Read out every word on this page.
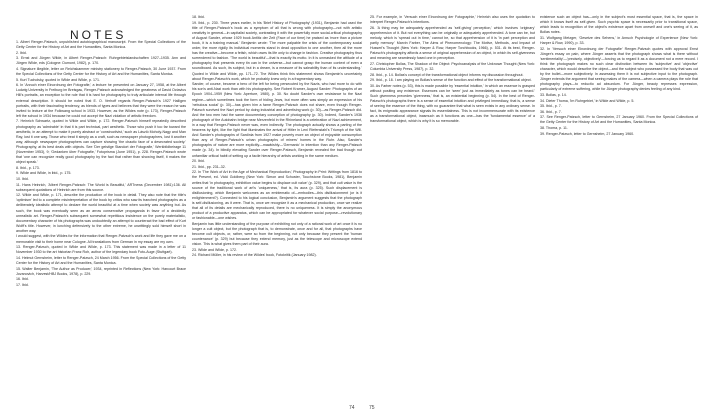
NOTES

1. Albert Renger-Patzsch, unpublished autobiographical manuscript. From the Special Collections of the Getty Center for the History of Art and the Humanities, Santa Monica.

2. Ibid.

3. Ernst and Jürgen Wilde, in Albert Renger-Patzsch: Ruhrgebietslandschaften 1927–1935. Ann and Jürgen Wilde, eds (Cologne: Dumont, 1982), p. 170.

4. Signature illegible, letter on Reichskammer ministry stationery to Renger-Patzsch, 30 June 1937. From the Special Collections of the Getty Center for the History of Art and the Humanities, Santa Monica.

5. Kurt Tucholsky, quoted in Wilde and Wilde, p. 171.

6. In 'Anruch einer Einordnung der Fotografie,' a lecture he presented on January 27, 1958, at the Albert Ludwig University in Freiburg im Breisgau, Renger-Patzsch acknowledged the greatness of David Octavius Hill's portraits, an exception to the rule that it is hard for photography to truly articulate internal life through external description. It should be noted that E. O. Verhoff regards Renger-Patzsch's 1927 Halligen portraits, with their fascinating tendency, as blends of types and believes that they were the reason he was invited to lecture at the Folkwang school in 1933. However, as the Wildes note (p. 173), Renger-Patzsch left the school in 1934 because he could not accept the Nazi violation of artistic freedom.

7. Heinrich Schwartz, quoted in Wilde and Wilde, p. 172. Renger-Patzsch himself repeatedly described photography as 'admirable' in that it is part technical, part aesthetic. Those who push it too far toward the aesthetic, in an attempt to make it purely abstract or 'constructivist,' such as László Moholy-Nagy and Man Ray, lost it one way. Those who treat it simply as a craft, such as newspaper photographers, lost it another way, although newspaper photographers can capture showing 'the chaotic face of a desecrated society.' Photography, at its best deals with objects. See 'Der geistige Standort der Fotografie,' Werkbildbeirage 11 (November 1953), 9; 'Gedanken über Fotografie,' Fotoprisma (June 1951), p. 228. Renger-Patzsch wrote that 'one can recognize really good photography by the fact that rather than showing itself, it makes the object speak.'

8. Ibid., p. 173.

9. Wilde and Wilde, in ibid., p. 175.

10. Ibid.

11. Hans Heinrich, 'Albert Renger-Patzsch: The World is Beautiful,' ARTnews (December 1981):136. All subsequent quotations of Heinrich are from this source.

12. Wilde and Wilde, p. 171, describe the production of the book in detail. They also note that the title's 'optimism' led to a complete misinterpretation of the book by critics who saw its tranched photographs as a deliberately idealistic attempt to declare the world beautiful at a time when society was anything but. As such, the book was eventually seen as an arrow conservative propaganda in favor of a decidedly unrealistic art. Renger-Patzsch's subsequent somewhat repetitious insistence on the purely materialistic, documentary character of his photographs was undoubtedly an attempt to counteract the bad effect of Kurt Wolff's title. However, in lunching defensively to the other extreme, he unwittingly sold himself short in another way.

I would suggest, with the Wildes for the information that Renger-Patzsch's work and life they gave me on a memorable visit to their home near Cologne. All translations from German in my essay are my own.

13. Renger-Patzsch, quoted in Wilde and Wilde, p. 173. This statement was made in a letter of 11 November 1930 to the art historian Franz Roh, author of the legendary book Foto-Auge (Stuttgart).

14. Helmut Gernsheim, letter to Renger-Patzsch, 24 March 1956. From the Special Collections of the Getty Center for the History of Art and the Humanities, Santa Monica.

15. Walter Benjamin, 'The Author as Producer,' 1934, reprinted in Reflections (New York: Harcourt Brace Jovanovich, Harvest/HBJ Books, 1978), p. 229.

16. Ibid.

17. Ibid.

18. Ibid.

19. Ibid., p. 230. Three years earlier, in his 'Brief History of Photography' (1931), Benjamin had used the title of Renger-Patzsch's book as a symptom of all that is wrong with photography—not with artistic creativity in general—in capitalist society, contrasting it with the powerfully more social-critical photography of August Sander, whose 1929 book Antlitz der Zeit (Face of our time) he praised as 'more than a picture book, it is a training manual.' Benjamin wrote: 'The more palpable the crisis of the contemporary social order, the more rigidly its individual moments stand in dead opposition to one another, then all the more has the creative—become a fetish, which owes its life only to change in fashion. Creative photography thus surrendered to fashion. 'The world is beautiful'—that is exactly its motto. In it is unmasked the attitude of a photography that presents every tin can in the universe—but cannot grasp the human context of even a soundboard. As such, its subject, but in a dream, is a measure of its saleability than of its understanding.' Quoted in Wilde and Wilde, pp. 171–72. The Wildes think this statement shows Benjamin's uncertainty about Renger-Patzsch's work, which he probably knew only in a fragmentary way.

Sander, of course, became a hero of the left for being persecuted by the Nazis, who had more to do with his son's anti-Nazi work than with his photography. See Robert Kramer, August Sander: Photographs of an Epoch 1904–1959 (New York: Aperture, 1980), p. 30. No doubt Sander's own resistance to the Nazi regime—which sometimes took the form of hiding Jews, but more often was simply an expression of his 'nebulous social' (p. 30)—has given him a fame Renger-Patzsch does not share, even though Renger-Patzsch survived the Nazi period by doing industrial and advertising work (p. 30)—as Renger-Patzsch did. And the two men had the same documentary conception of photography (p. 30). Indeed, Sander's 1936 photograph of the Autobahn bridge near Merzenfeld in the Rhineland is a celebration of Nazi achievement, in a way that Renger-Patzsch never was, even indirectly. The photograph actually shows a parting of the heavens by light, like the light that illuminates the arrival of Hitler in Leni Riefenstahl's Triumph of the Will. And Sander's photographs of Sardinia from 1927 make poverty more an object of enjoyable consumption than any of Renger-Patzsch's urban photographs of miners' homes in the Ruhr. Also, Sander's photographs of nature are more explicitly—mawkishly—'Germanic' in intention than any Renger-Patzsch made (p. 34). In blindly elevating Sander over Renger-Patzsch, Benjamin revealed the bad though not unfamiliar critical habit of setting up a facile hierarchy of artists working in the same medium.

20. Ibid.

21. Ibid., pp. 231–32.

22. In 'The Work of Art in the Age of Mechanical Reproduction,' Photography in Print: Writings from 1816 to the Present, ed. Vicki Goldberg (New York: Simon and Schuster, Touchstone Books, 1981), Benjamin writes that 'in photography, exhibition value begins to displace cult value' (p. 329), and that cult value is the source of the traditional work of art's 'uniqueness,' that is, its aura (p. 325). Such displacement is disillusioning, which Benjamin welcomes as an emblematic of—embodies—this disillusionment (or is it enlightenment?). Connected to his logical conclusion, Benjamin's argument suggests that the photograph is self-disillusioning, as it were. That is, once we recognize it as a mechanical production, once we realize that all of its details are mechanically reproduced, there is no uniqueness. It is simply the anonymous product of a productive apparatus, which can be appropriated for whatever social purpose—revolutionary or fashionable—one wishes.

Benjamin has little understanding of the purpose of exhibiting not only of a rational work of art once it is no longer a cult object, but the photograph that is, to demonstrate, once and for all, that photographs have become cult objects, or, rather, were so from the beginning, not only because they present the 'human countenance' (p. 329) but because they extend memory, just as the telescope and microscope extend vision. This is what gives them part of their aura.

23. Wilde and Wilde, p. 172.

24. Richard Müller, in his review of the Wildes' book, Fotokritik (January 1982).

25. For example, in 'Versuch einer Einordnung der Fotographie,' Heinrich also uses the quotation to interpret Renger-Patzsch's intentions.

26. 'A thing may be adequately apprehended as 'self-giving' perception,' which involves 'originary' apprehension of it. But not everything can be originally or adequately apprehended. A tone can be, but melody, which is 'spread out in time,' cannot be, so that apprehension of it is 'in part perception and partly memory.' Marvin Farber, The Aims of Phenomenology: The Motive, Methods, and Impact of Husserl's Thought (New York: Harper & Row, Harper Torchbooks, 1966), p. 531. At its best, Renger-Patzsch's photography affords a sense of original apprehension of an object, in which its self-givenness and meaning are seamlessly fused one in perception.

27. Christopher Bollas, The Shadow of the Object: Psychoanalysis of the Unknown Thought (New York: Columbia University Press, 1987), p. 32.

28. Ibid., p. 14. Bollas's concept of the transformational object informs my discussion throughout.

29. Ibid., p. 16. I am playing on Bollas's sense of the function and effect of the transformational object.

30. As Farber notes (p. 53), this is made possible by 'essential intuition,' in which an essence is grasped without positing any existence. Essences can be 'seen' just as immediately as tones can be heard.' Such givenness precedes 'givenness,' that is, an existential beginning (p. 54). In the best of Renger-Patzsch's photographs there is a sense of essential intuition and privileged immediacy, that is, a sense of seeing the essence of the thing, with no guarantee that what is seen exists in any ordinary sense. In fact, its enigmatic appearance signals its essentialness. This is not incommensurate with its existence as a transformational object, inasmuch as it functions as one—has the 'fundamental essence' of a transformational object, which is why it is so memorable.

existence such an object has—only in the subject's most essential space, that is, the space in which it knows itself as self-given. Such psychic space is necessarily prior to transitional space, which leads to recognition of the object's existence apart from oneself and one's seeing of it, as Bollas notes.

31. Wolfgang Metzger, 'Gesetze des Sehens,' in Anruch Psychologie of Experience (New York: Harper & Row, 1990), p. 33.

32. In 'Versuch einer Einordnung der Fotografie' Renger-Patzsch quotes with approval Ernst Jünger's essay on pain, where Jünger asserts that the photograph shows what is there without 'sentimentality'—'precisely, objectively'—forcing us to regard it as a document not a mere record. I think the photograph makes no such clear distinction between its 'subjective' and 'objective' character, which would describe the object—and the subject who possessed the body that was cut by the bullet—more subjectively. In assessing them it is not subjective input to the photograph. Jünger extends the argument that seeing makes of the camera—when a camera plays the role that photography plays—to reductio ad absurdum. For Jünger, beauty represses expression, particularly of extreme suffering, while for Jünger photography denies feeling of any kind.

33. Bollas, p. 14.

34. Dieter Thoma, 'Im Ruhrgebiet,' in Wilde and Wilde, p. 5.

35. Ibid., p. 7.

36. Ibid., p. 7.

37. See Renger-Patzsch, letter to Gernsheim, 27 January 1960. From the Special Collections of the Getty Center for the History of Art and the Humanities, Santa Monica.

38. Thoma, p. 11.

39. Renger-Patzsch, letter to Gernsheim, 27 January 1960.

74	75
